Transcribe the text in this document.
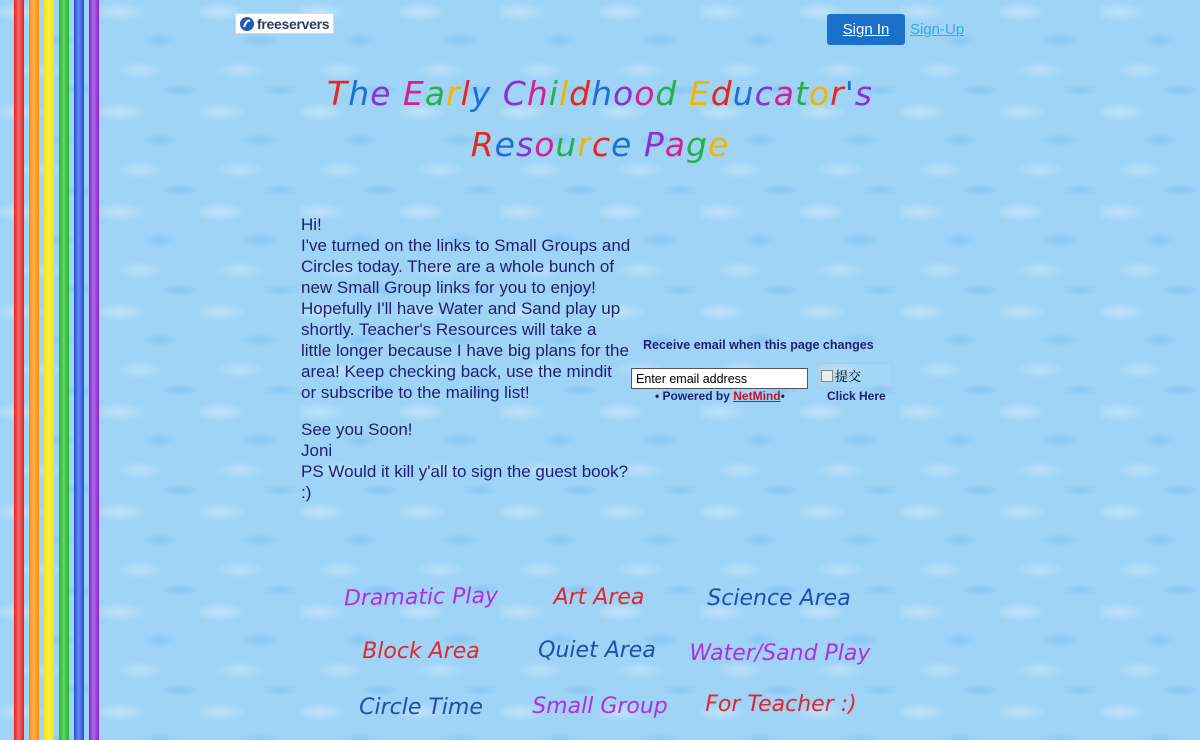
freeservers	Sign In	Sign-Up
The Early Childhood Educator's
Resource Page

Hi!
I've turned on the links to Small Groups and Circles today. There are a whole bunch of new Small Group links for you to enjoy! Hopefully I'll have Water and Sand play up shortly. Teacher's Resources will take a little longer because I have big plans for the area! Keep checking back, use the mindit or subscribe to the mailing list!

See you Soon!
Joni
PS Would it kill y'all to sign the guest book? :)

Receive email when this page changes
Enter email address
提交
• Powered by NetMind•	Click Here
Dramatic Play	Art Area	Science Area
Block Area	Quiet Area	Water/Sand Play
Circle Time	Small Group	For Teacher :)
